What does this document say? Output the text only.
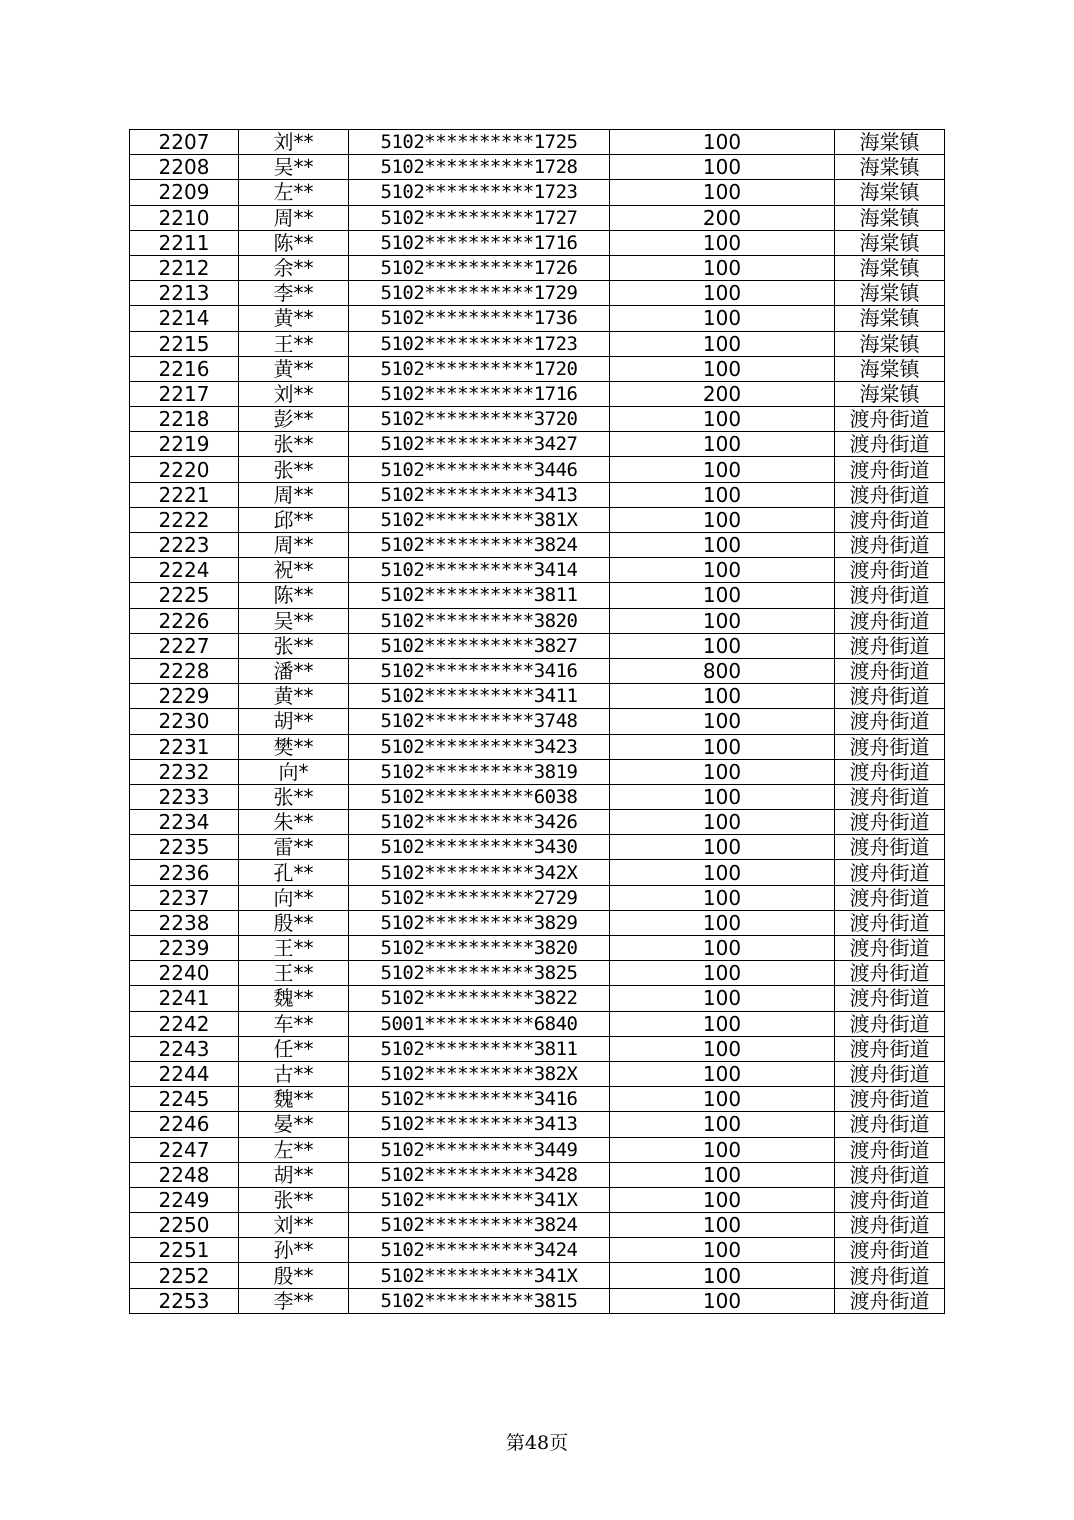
2207	刘**	5102**********1725	100	海棠镇
2208	吴**	5102**********1728	100	海棠镇
2209	左**	5102**********1723	100	海棠镇
2210	周**	5102**********1727	200	海棠镇
2211	陈**	5102**********1716	100	海棠镇
2212	余**	5102**********1726	100	海棠镇
2213	李**	5102**********1729	100	海棠镇
2214	黄**	5102**********1736	100	海棠镇
2215	王**	5102**********1723	100	海棠镇
2216	黄**	5102**********1720	100	海棠镇
2217	刘**	5102**********1716	200	海棠镇
2218	彭**	5102**********3720	100	渡舟街道
2219	张**	5102**********3427	100	渡舟街道
2220	张**	5102**********3446	100	渡舟街道
2221	周**	5102**********3413	100	渡舟街道
2222	邱**	5102**********381X	100	渡舟街道
2223	周**	5102**********3824	100	渡舟街道
2224	祝**	5102**********3414	100	渡舟街道
2225	陈**	5102**********3811	100	渡舟街道
2226	吴**	5102**********3820	100	渡舟街道
2227	张**	5102**********3827	100	渡舟街道
2228	潘**	5102**********3416	800	渡舟街道
2229	黄**	5102**********3411	100	渡舟街道
2230	胡**	5102**********3748	100	渡舟街道
2231	樊**	5102**********3423	100	渡舟街道
2232	向*	5102**********3819	100	渡舟街道
2233	张**	5102**********6038	100	渡舟街道
2234	朱**	5102**********3426	100	渡舟街道
2235	雷**	5102**********3430	100	渡舟街道
2236	孔**	5102**********342X	100	渡舟街道
2237	向**	5102**********2729	100	渡舟街道
2238	殷**	5102**********3829	100	渡舟街道
2239	王**	5102**********3820	100	渡舟街道
2240	王**	5102**********3825	100	渡舟街道
2241	魏**	5102**********3822	100	渡舟街道
2242	车**	5001**********6840	100	渡舟街道
2243	任**	5102**********3811	100	渡舟街道
2244	古**	5102**********382X	100	渡舟街道
2245	魏**	5102**********3416	100	渡舟街道
2246	晏**	5102**********3413	100	渡舟街道
2247	左**	5102**********3449	100	渡舟街道
2248	胡**	5102**********3428	100	渡舟街道
2249	张**	5102**********341X	100	渡舟街道
2250	刘**	5102**********3824	100	渡舟街道
2251	孙**	5102**********3424	100	渡舟街道
2252	殷**	5102**********341X	100	渡舟街道
2253	李**	5102**********3815	100	渡舟街道
第48页
